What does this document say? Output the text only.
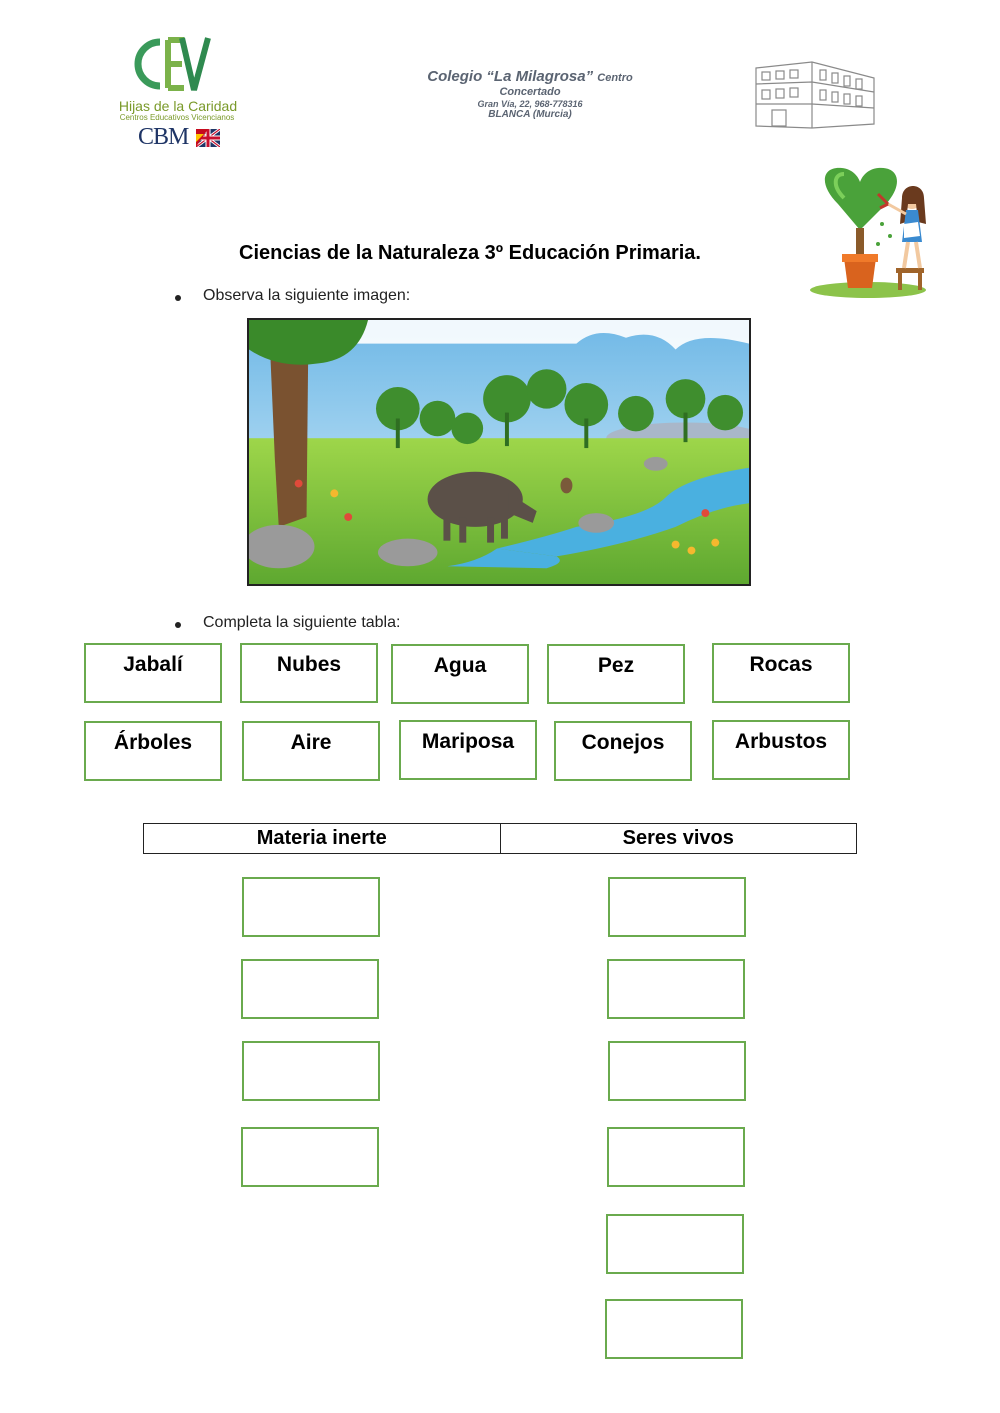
Hijas de la Caridad
Centros Educativos Vicencianos
CBM
Colegio “La Milagrosa” Centro
Concertado
Gran Vía, 22, 968-778316
BLANCA (Murcia)
Ciencias de la Naturaleza 3º Educación Primaria.
Observa la siguiente imagen:
Completa la siguiente tabla:
Jabalí	Nubes	Agua	Pez	Rocas
Árboles	Aire	Mariposa	Conejos	Arbustos
Materia inerte	Seres vivos
